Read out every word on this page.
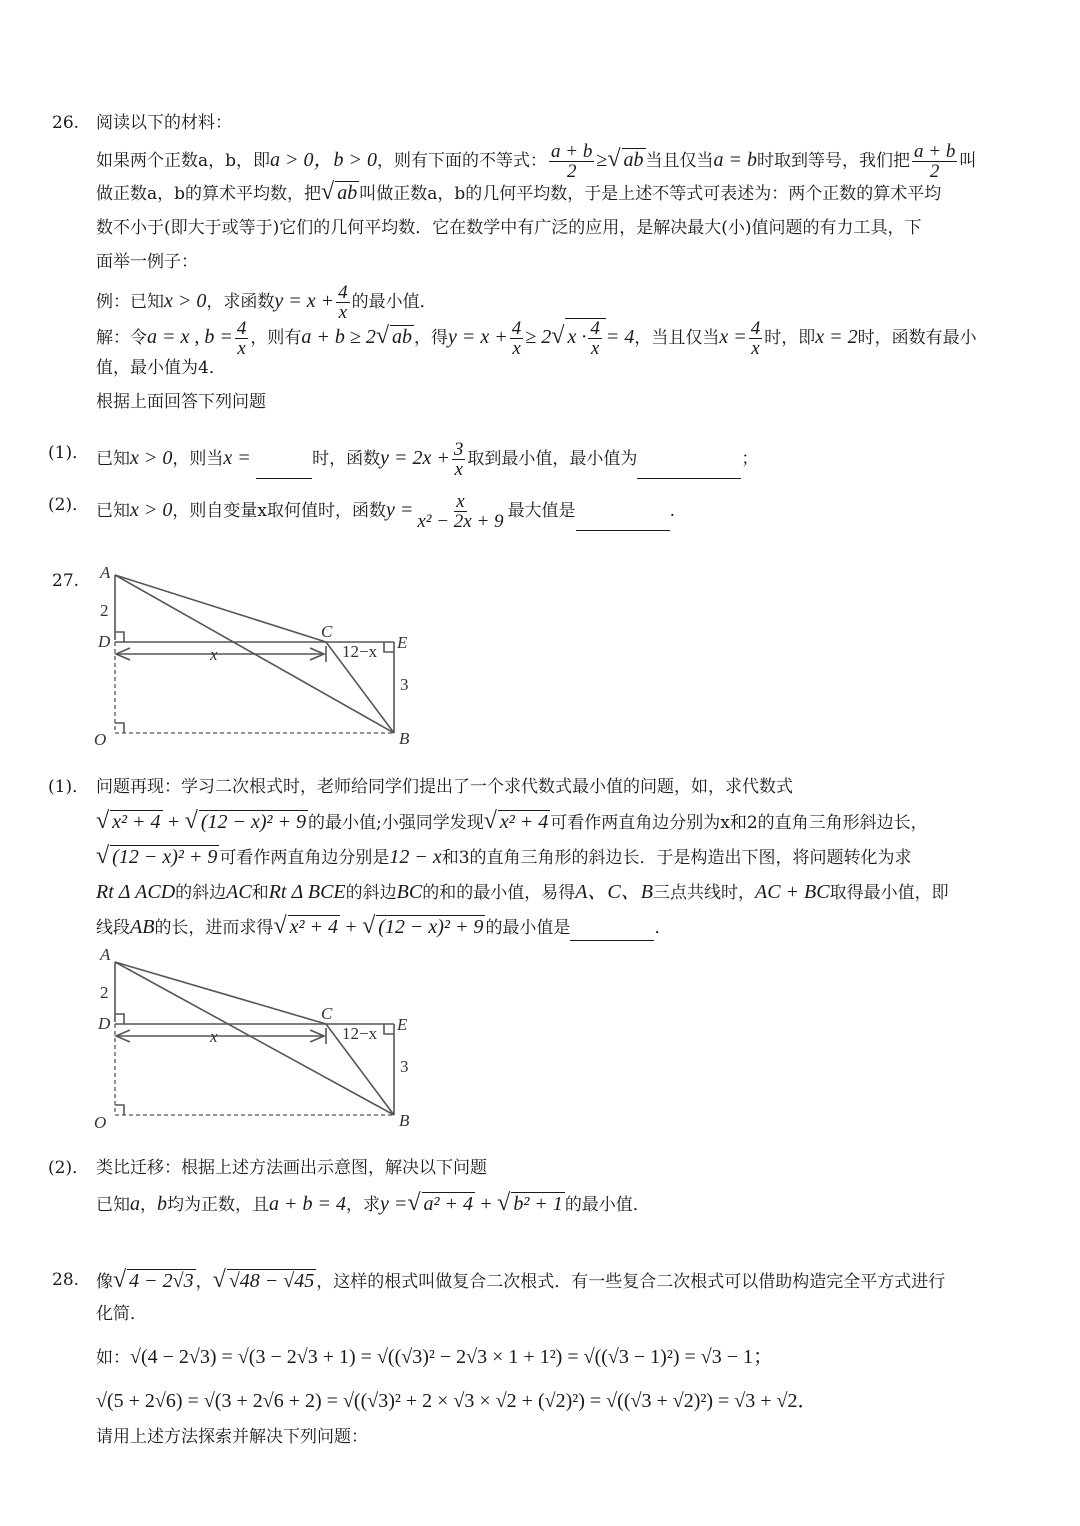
26. 阅读以下的材料：
如果两个正数a，b，即a > 0，b > 0，则有下面的不等式： $\frac{a + b}{2}$ ≥√ ab 当且仅当a = b时取到等号，我们把 $\frac{a + b}{2}$ 叫
做正数a，b的算术平均数，把√ ab 叫做正数a，b的几何平均数，于是上述不等式可表述为：两个正数的算术平均
数不小于(即大于或等于)它们的几何平均数．它在数学中有广泛的应用，是解决最大(小)值问题的有力工具，下
面举一例子：
例：已知x > 0，求函数$y = x + \frac{4}{x}$ 的最小值．
解：令a = x , $b = \frac{4}{x}$ ，则有a + b ≥ 2√ ab ，得$y = x + \frac{4}{x} \ge 2√$ $x \cdot \frac{4}{x} = 4$，当且仅当$x = \frac{4}{x}$ 时，即x = 2时，函数有最小
值，最小值为4．
根据上面回答下列问题
(1)． 已知x > 0，则当x =	时，函数$y = 2x + \frac{3}{x}$ 取到最小值，最小值为	；
(2)． 已知x > 0，则自变量x取何值时，函数$y = \frac{x}{\text{x² − 2x + 9}}$ 最大值是	.
27. A
2
D
O
C
E
B
x	12−x
3
(1)． 问题再现：学习二次根式时，老师给同学们提出了一个求代数式最小值的问题，如，求代数式
√ x² + 4 + √ (12 − x)² + 9 的最小值;小强同学发现√ x² + 4 可看作两直角边分别为x和2的直角三角形斜边长，
√ (12 − x)² + 9 可看作两直角边分别是12 − x和3的直角三角形的斜边长．于是构造出下图，将问题转化为求
Rt Δ ACD的斜边AC和Rt Δ BCE的斜边BC的和的最小值，易得A、C、B三点共线时，AC + BC取得最小值，即
线段AB的长，进而求得√ x² + 4 + √ (12 − x)² + 9 的最小值是	．
A
2
D
O
C
E
B
x	12−x
3
(2)． 类比迁移：根据上述方法画出示意图，解决以下问题
已知a，b均为正数，且a + b = 4，求y =√ a² + 4 + √ b² + 1 的最小值．
28. 像√ 4 − 2√3 ，√ √48 − √45 ，这样的根式叫做复合二次根式．有一些复合二次根式可以借助构造完全平方式进行
化简．
如：√(4 − 2√3) = √(3 − 2√3 + 1) = √((√3)² − 2√3 × 1 + 1²) = √((√3 − 1)²) = √3 − 1；
√(5 + 2√6) = √(3 + 2√6 + 2) = √((√3)² + 2 × √3 × √2 + (√2)²) = √((√3 + √2)²) = √3 + √2．
请用上述方法探索并解决下列问题：
